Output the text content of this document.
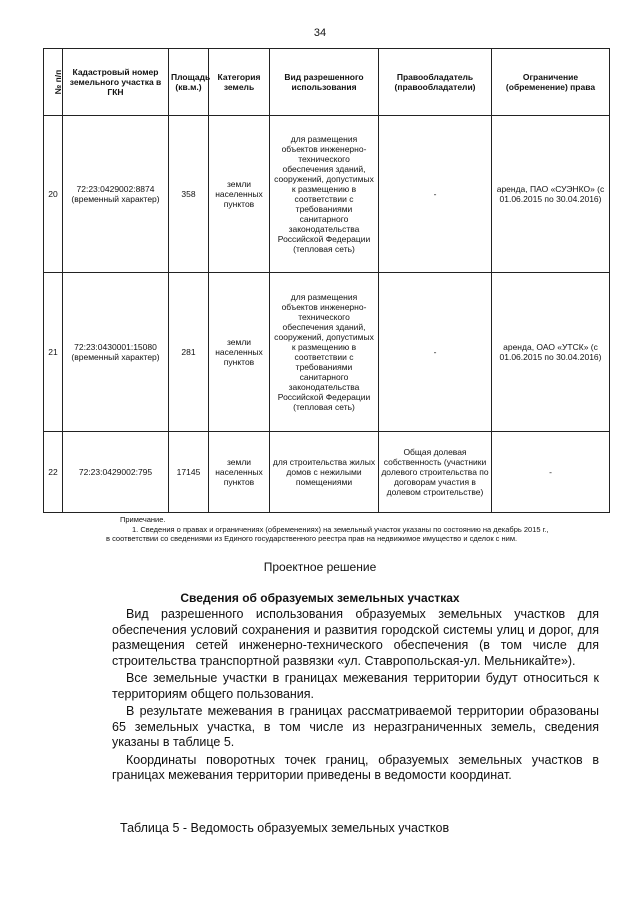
34
№ п/п	Кадастровый номер земельного участка в ГКН	Площадь (кв.м.)	Категория земель	Вид разрешенного использования	Правообладатель (правообладатели)	Ограничение (обременение) права
20	72:23:0429002:8874 (временный характер)	358	земли населенных пунктов	для размещения объектов инженерно-технического обеспечения зданий, сооружений, допустимых к размещению в соответствии с требованиями санитарного законодательства Российской Федерации (тепловая сеть)	-	аренда, ПАО «СУЭНКО» (с 01.06.2015 по 30.04.2016)
21	72:23:0430001:15080 (временный характер)	281	земли населенных пунктов	для размещения объектов инженерно-технического обеспечения зданий, сооружений, допустимых к размещению в соответствии с требованиями санитарного законодательства Российской Федерации (тепловая сеть)	-	аренда, ОАО «УТСК» (с 01.06.2015 по 30.04.2016)
22	72:23:0429002:795	17145	земли населенных пунктов	для строительства жилых домов с нежилыми помещениями	Общая долевая собственность (участники долевого строительства по договорам участия в долевом строительстве)	-

Примечание.

1. Сведения о правах и ограничениях (обременениях) на земельный участок указаны по состоянию на декабрь 2015 г.,

в соответствии со сведениями из Единого государственного реестра прав на недвижимое имущество и сделок с ним.

Проектное решение
Сведения об образуемых земельных участках

Вид разрешенного использования образуемых земельных участков для обеспечения условий сохранения и развития городской системы улиц и дорог, для размещения сетей инженерно-технического обеспечения (в том числе для строительства транспортной развязки «ул. Ставропольская-ул. Мельникайте»).

Все земельные участки в границах межевания территории будут относиться к территориям общего пользования.

В результате межевания в границах рассматриваемой территории образованы 65 земельных участка, в том числе из неразграниченных земель, сведения указаны в таблице 5.

Координаты поворотных точек границ, образуемых земельных участков в границах межевания территории приведены в ведомости координат.

Таблица 5 - Ведомость образуемых земельных участков
